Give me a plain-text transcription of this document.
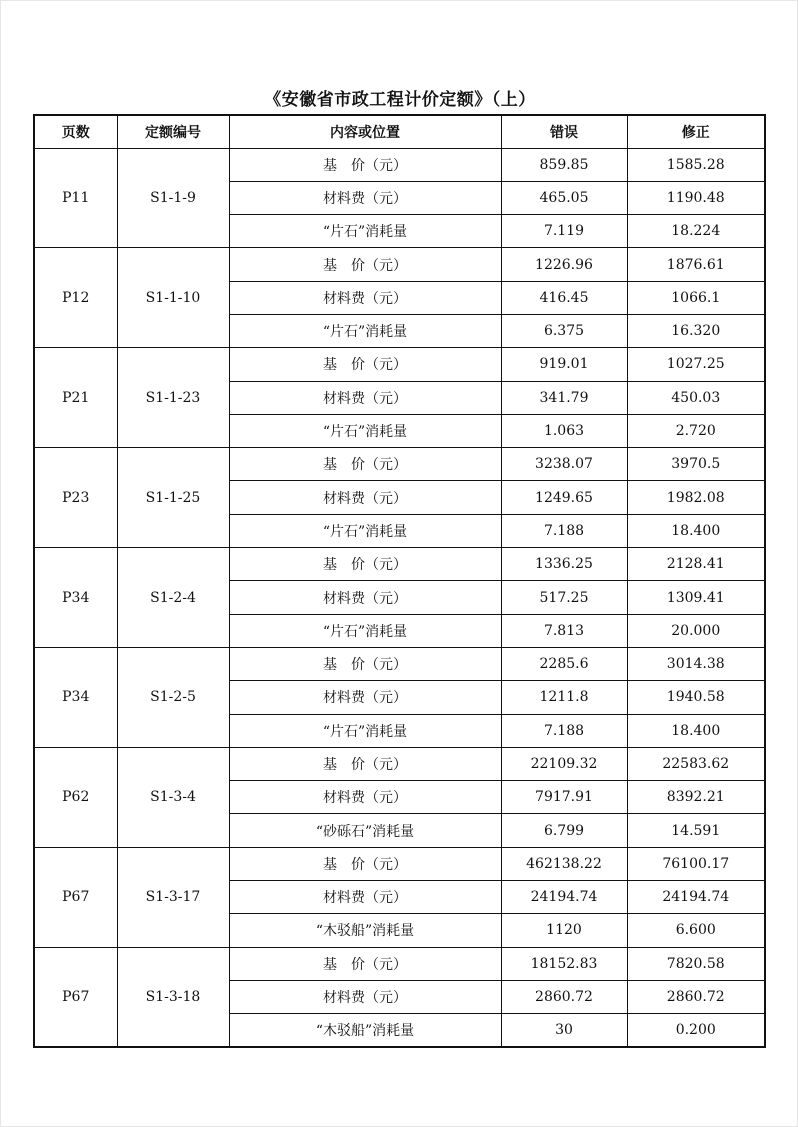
《安徽省市政工程计价定额》（上）
页数	定额编号	内容或位置	错误	修正
P11	S1-1-9	基　价（元）	859.85	1585.28
		材料费（元）	465.05	1190.48
		“片石”消耗量	7.119	18.224
P12	S1-1-10	基　价（元）	1226.96	1876.61
		材料费（元）	416.45	1066.1
		“片石”消耗量	6.375	16.320
P21	S1-1-23	基　价（元）	919.01	1027.25
		材料费（元）	341.79	450.03
		“片石”消耗量	1.063	2.720
P23	S1-1-25	基　价（元）	3238.07	3970.5
		材料费（元）	1249.65	1982.08
		“片石”消耗量	7.188	18.400
P34	S1-2-4	基　价（元）	1336.25	2128.41
		材料费（元）	517.25	1309.41
		“片石”消耗量	7.813	20.000
P34	S1-2-5	基　价（元）	2285.6	3014.38
		材料费（元）	1211.8	1940.58
		“片石”消耗量	7.188	18.400
P62	S1-3-4	基　价（元）	22109.32	22583.62
		材料费（元）	7917.91	8392.21
		“砂砾石”消耗量	6.799	14.591
P67	S1-3-17	基　价（元）	462138.22	76100.17
		材料费（元）	24194.74	24194.74
		“木驳船”消耗量	1120	6.600
P67	S1-3-18	基　价（元）	18152.83	7820.58
		材料费（元）	2860.72	2860.72
		“木驳船”消耗量	30	0.200
